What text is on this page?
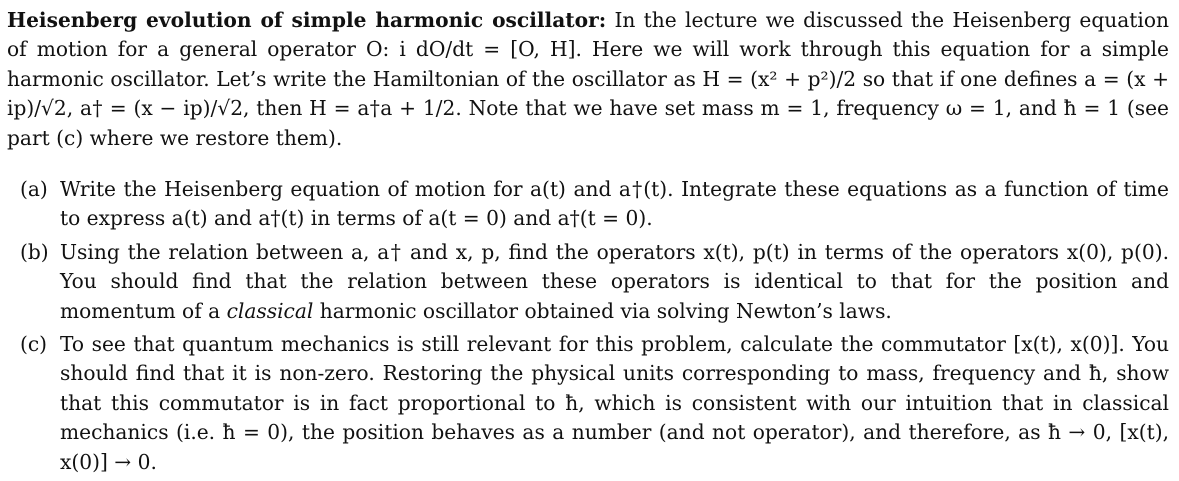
Heisenberg evolution of simple harmonic oscillator: In the lecture we discussed the Heisenberg equation of motion for a general operator O: i dO/dt = [O, H]. Here we will work through this equation for a simple harmonic oscillator. Let’s write the Hamiltonian of the oscillator as H = (x² + p²)/2 so that if one defines a = (x + ip)/√2, a† = (x − ip)/√2, then H = a†a + 1/2. Note that we have set mass m = 1, frequency ω = 1, and ħ = 1 (see part (c) where we restore them).

(a) Write the Heisenberg equation of motion for a(t) and a†(t). Integrate these equations as a function of time to express a(t) and a†(t) in terms of a(t = 0) and a†(t = 0).
(b) Using the relation between a, a† and x, p, find the operators x(t), p(t) in terms of the operators x(0), p(0). You should find that the relation between these operators is identical to that for the position and momentum of a classical harmonic oscillator obtained via solving Newton’s laws.
(c) To see that quantum mechanics is still relevant for this problem, calculate the commutator [x(t), x(0)]. You should find that it is non-zero. Restoring the physical units corresponding to mass, frequency and ħ, show that this commutator is in fact proportional to ħ, which is consistent with our intuition that in classical mechanics (i.e. ħ = 0), the position behaves as a number (and not operator), and therefore, as ħ → 0, [x(t), x(0)] → 0.
